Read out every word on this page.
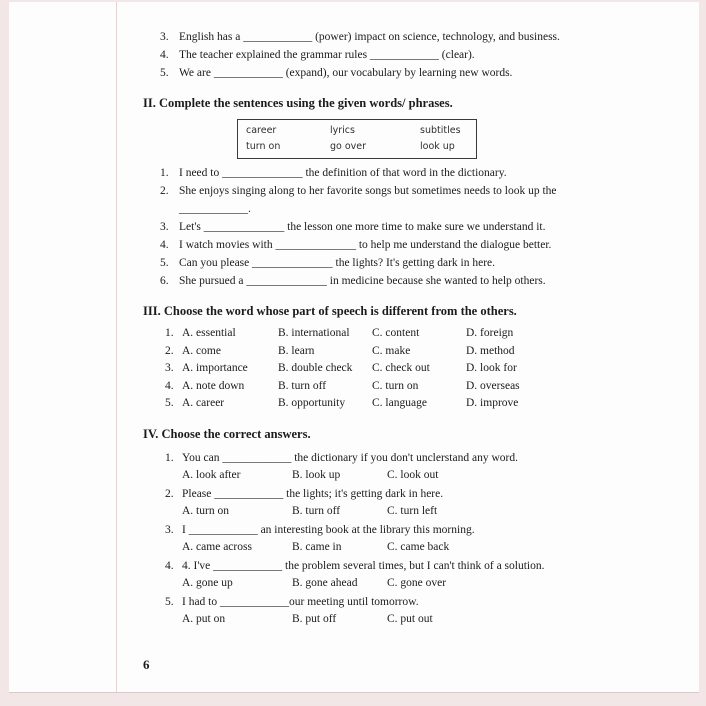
3. English has a ____________ (power) impact on science, technology, and business.
4. The teacher explained the grammar rules ____________ (clear).
5. We are ____________ (expand), our vocabulary by learning new words.
II. Complete the sentences using the given words/ phrases.
career	lyrics	subtitles
turn on	go over	look up
1. I need to ______________ the definition of that word in the dictionary.
2. She enjoys singing along to her favorite songs but sometimes needs to look up the ____________.
3. Let's ______________ the lesson one more time to make sure we understand it.
4. I watch movies with ______________ to help me understand the dialogue better.
5. Can you please ______________ the lights? It's getting dark in here.
6. She pursued a ______________ in medicine because she wanted to help others.
III. Choose the word whose part of speech is different from the others.
1. A. essential	B. international	C. content	D. foreign
2. A. come	B. learn	C. make	D. method
3. A. importance	B. double check	C. check out	D. look for
4. A. note down	B. turn off	C. turn on	D. overseas
5. A. career	B. opportunity	C. language	D. improve
IV. Choose the correct answers.
1. You can ____________ the dictionary if you don't unclerstand any word.
A. look after	B. look up	C. look out
2. Please ____________ the lights; it's getting dark in here.
A. turn on	B. turn off	C. turn left
3. I ____________ an interesting book at the library this morning.
A. came across	B. came in	C. came back
4. 4. I've ____________ the problem several times, but I can't think of a solution.
A. gone up	B. gone ahead	C. gone over
5. I had to ____________our meeting until tomorrow.
A. put on	B. put off	C. put out
6
